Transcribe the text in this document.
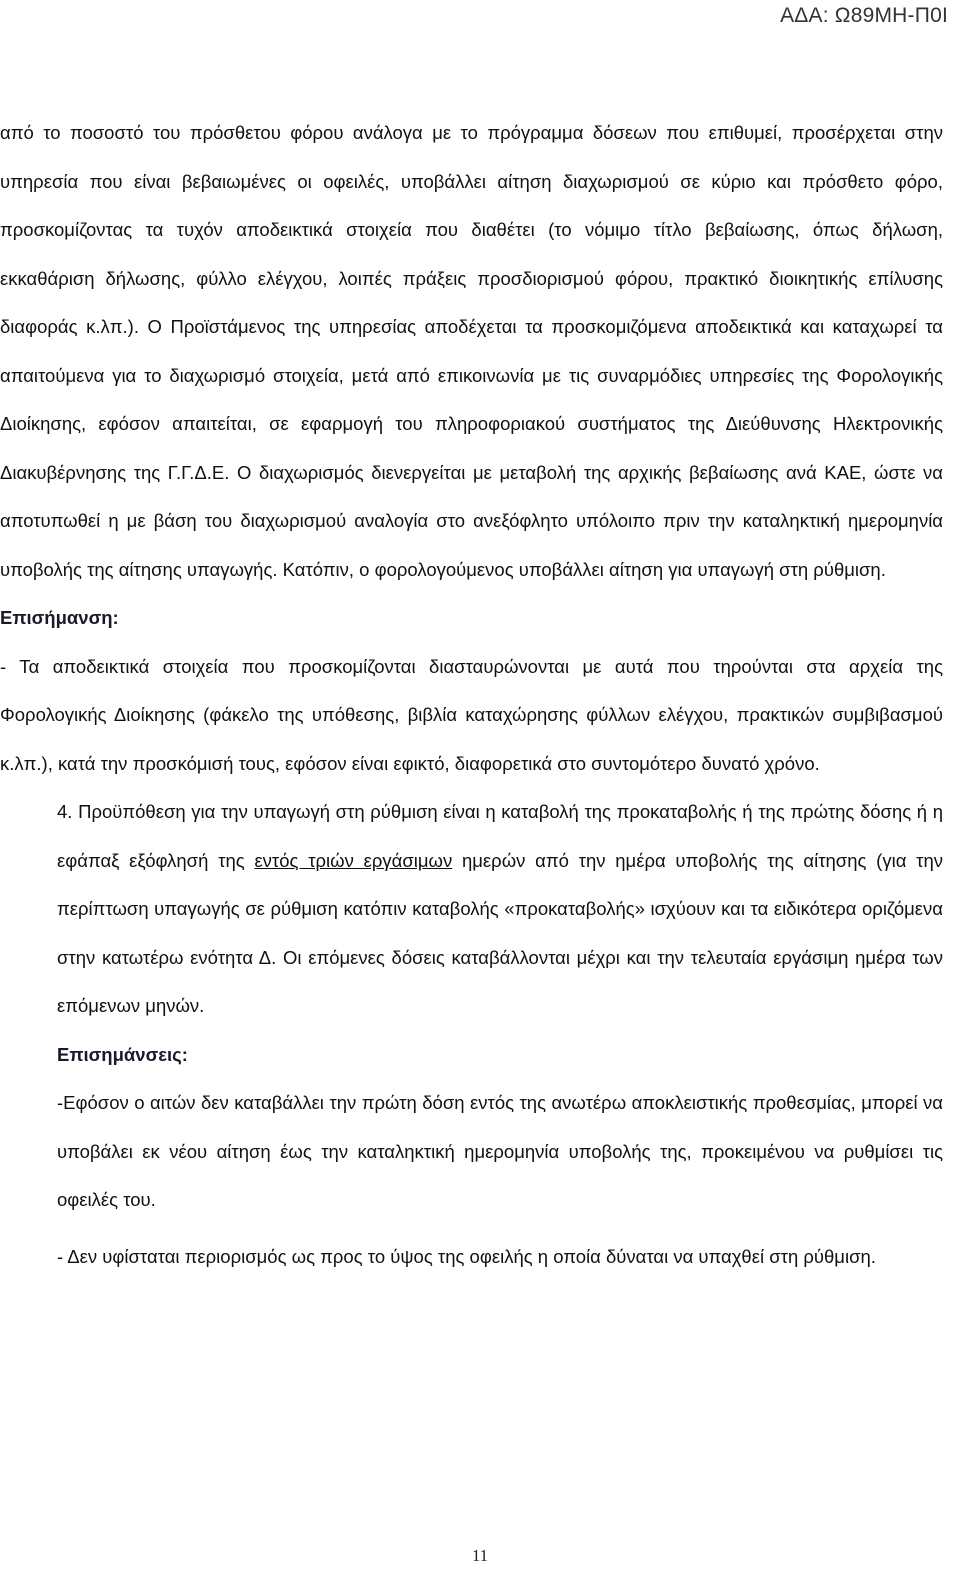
ΑΔΑ: Ω89ΜΗ-Π0Ι

από το ποσοστό του πρόσθετου φόρου ανάλογα με το πρόγραμμα δόσεων που επιθυμεί, προσέρχεται στην υπηρεσία που είναι βεβαιωμένες οι οφειλές, υποβάλλει αίτηση διαχωρισμού σε κύριο και πρόσθετο φόρο, προσκομίζοντας τα τυχόν αποδεικτικά στοιχεία που διαθέτει (το νόμιμο τίτλο βεβαίωσης, όπως δήλωση, εκκαθάριση δήλωσης, φύλλο ελέγχου, λοιπές πράξεις προσδιορισμού φόρου, πρακτικό διοικητικής επίλυσης διαφοράς κ.λπ.). Ο Προϊστάμενος της υπηρεσίας αποδέχεται τα προσκομιζόμενα αποδεικτικά και καταχωρεί τα απαιτούμενα για το διαχωρισμό στοιχεία, μετά από επικοινωνία με τις συναρμόδιες υπηρεσίες της Φορολογικής Διοίκησης, εφόσον απαιτείται, σε εφαρμογή του πληροφοριακού συστήματος της Διεύθυνσης Ηλεκτρονικής Διακυβέρνησης της Γ.Γ.Δ.Ε. Ο διαχωρισμός διενεργείται με μεταβολή της αρχικής βεβαίωσης ανά ΚΑΕ, ώστε να αποτυπωθεί η με βάση του διαχωρισμού αναλογία στο ανεξόφλητο υπόλοιπο πριν την καταληκτική ημερομηνία υποβολής της αίτησης υπαγωγής. Κατόπιν, ο φορολογούμενος υποβάλλει αίτηση για υπαγωγή στη ρύθμιση.

Επισήμανση:

- Τα αποδεικτικά στοιχεία που προσκομίζονται διασταυρώνονται με αυτά που τηρούνται στα αρχεία της Φορολογικής Διοίκησης (φάκελο της υπόθεσης, βιβλία καταχώρησης φύλλων ελέγχου, πρακτικών συμβιβασμού κ.λπ.), κατά την προσκόμισή τους, εφόσον είναι εφικτό, διαφορετικά στο συντομότερο δυνατό χρόνο.

4. Προϋπόθεση για την υπαγωγή στη ρύθμιση είναι η καταβολή της προκαταβολής ή της πρώτης δόσης ή η εφάπαξ εξόφλησή της εντός τριών εργάσιμων ημερών από την ημέρα υποβολής της αίτησης (για την περίπτωση υπαγωγής σε ρύθμιση κατόπιν καταβολής «προκαταβολής» ισχύουν και τα ειδικότερα οριζόμενα στην κατωτέρω ενότητα Δ. Οι επόμενες δόσεις καταβάλλονται μέχρι και την τελευταία εργάσιμη ημέρα των επόμενων μηνών.

Επισημάνσεις:

-Εφόσον ο αιτών δεν καταβάλλει την πρώτη δόση εντός της ανωτέρω αποκλειστικής προθεσμίας, μπορεί να υποβάλει εκ νέου αίτηση έως την καταληκτική ημερομηνία υποβολής της, προκειμένου να ρυθμίσει τις οφειλές του.

- Δεν υφίσταται περιορισμός ως προς το ύψος της οφειλής η οποία δύναται να υπαχθεί στη ρύθμιση.

11
